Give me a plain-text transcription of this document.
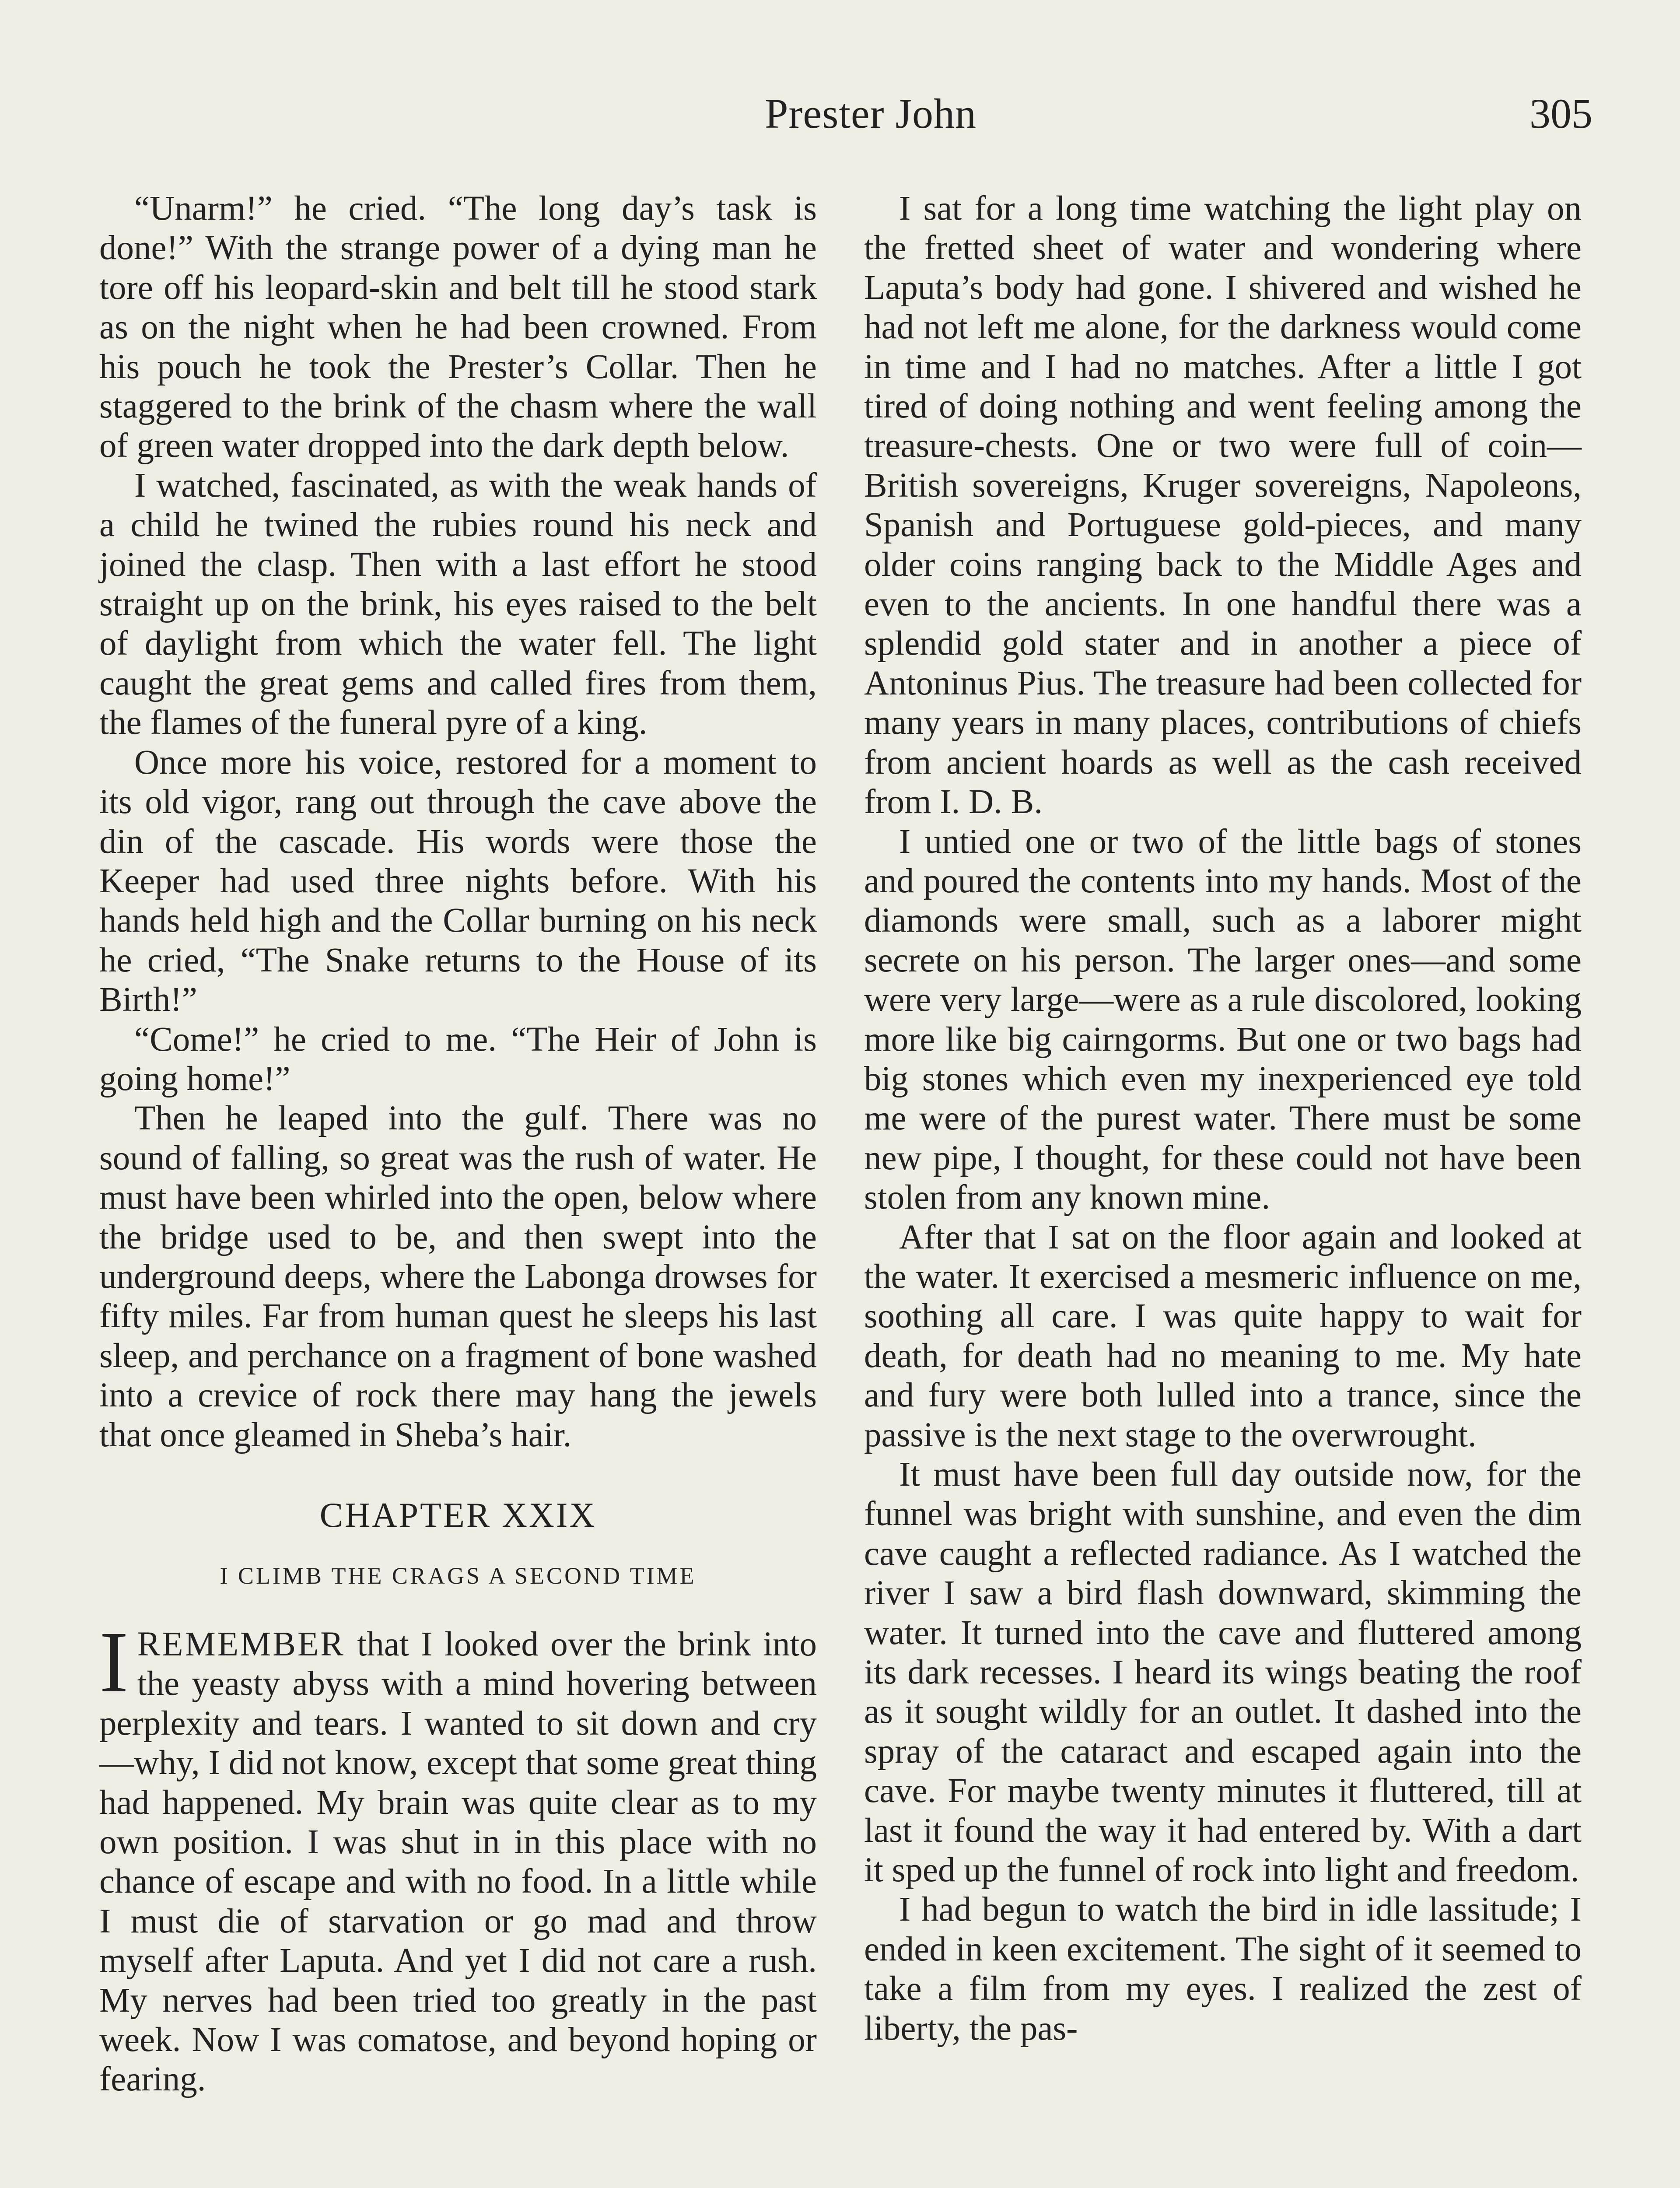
Prester John	305

“Unarm!” he cried. “The long day’s task is done!” With the strange power of a dying man he tore off his leopard-skin and belt till he stood stark as on the night when he had been crowned. From his pouch he took the Prester’s Collar. Then he staggered to the brink of the chasm where the wall of green water dropped into the dark depth below.

I watched, fascinated, as with the weak hands of a child he twined the rubies round his neck and joined the clasp. Then with a last effort he stood straight up on the brink, his eyes raised to the belt of daylight from which the water fell. The light caught the great gems and called fires from them, the flames of the funeral pyre of a king.

Once more his voice, restored for a moment to its old vigor, rang out through the cave above the din of the cascade. His words were those the Keeper had used three nights before. With his hands held high and the Collar burning on his neck he cried, “The Snake returns to the House of its Birth!”

“Come!” he cried to me. “The Heir of John is going home!”

Then he leaped into the gulf. There was no sound of falling, so great was the rush of water. He must have been whirled into the open, below where the bridge used to be, and then swept into the underground deeps, where the Labonga drowses for fifty miles. Far from human quest he sleeps his last sleep, and perchance on a fragment of bone washed into a crevice of rock there may hang the jewels that once gleamed in Sheba’s hair.

CHAPTER XXIX
I CLIMB THE CRAGS A SECOND TIME

IREMEMBER that I looked over the brink into the yeasty abyss with a mind hovering between perplexity and tears. I wanted to sit down and cry—why, I did not know, except that some great thing had happened. My brain was quite clear as to my own position. I was shut in in this place with no chance of escape and with no food. In a little while I must die of starvation or go mad and throw myself after Laputa. And yet I did not care a rush. My nerves had been tried too greatly in the past week. Now I was comatose, and beyond hoping or fearing.

I sat for a long time watching the light play on the fretted sheet of water and wondering where Laputa’s body had gone. I shivered and wished he had not left me alone, for the darkness would come in time and I had no matches. After a little I got tired of doing nothing and went feeling among the treasure-chests. One or two were full of coin—British sovereigns, Kruger sovereigns, Napoleons, Spanish and Portuguese gold-pieces, and many older coins ranging back to the Middle Ages and even to the ancients. In one handful there was a splendid gold stater and in another a piece of Antoninus Pius. The treasure had been collected for many years in many places, contributions of chiefs from ancient hoards as well as the cash received from I. D. B.

I untied one or two of the little bags of stones and poured the contents into my hands. Most of the diamonds were small, such as a laborer might secrete on his person. The larger ones—and some were very large—were as a rule discolored, looking more like big cairngorms. But one or two bags had big stones which even my inexperienced eye told me were of the purest water. There must be some new pipe, I thought, for these could not have been stolen from any known mine.

After that I sat on the floor again and looked at the water. It exercised a mesmeric influence on me, soothing all care. I was quite happy to wait for death, for death had no meaning to me. My hate and fury were both lulled into a trance, since the passive is the next stage to the overwrought.

It must have been full day outside now, for the funnel was bright with sunshine, and even the dim cave caught a reflected radiance. As I watched the river I saw a bird flash downward, skimming the water. It turned into the cave and fluttered among its dark recesses. I heard its wings beating the roof as it sought wildly for an outlet. It dashed into the spray of the cataract and escaped again into the cave. For maybe twenty minutes it fluttered, till at last it found the way it had entered by. With a dart it sped up the funnel of rock into light and freedom.

I had begun to watch the bird in idle lassitude; I ended in keen excitement. The sight of it seemed to take a film from my eyes. I realized the zest of liberty, the pas-
